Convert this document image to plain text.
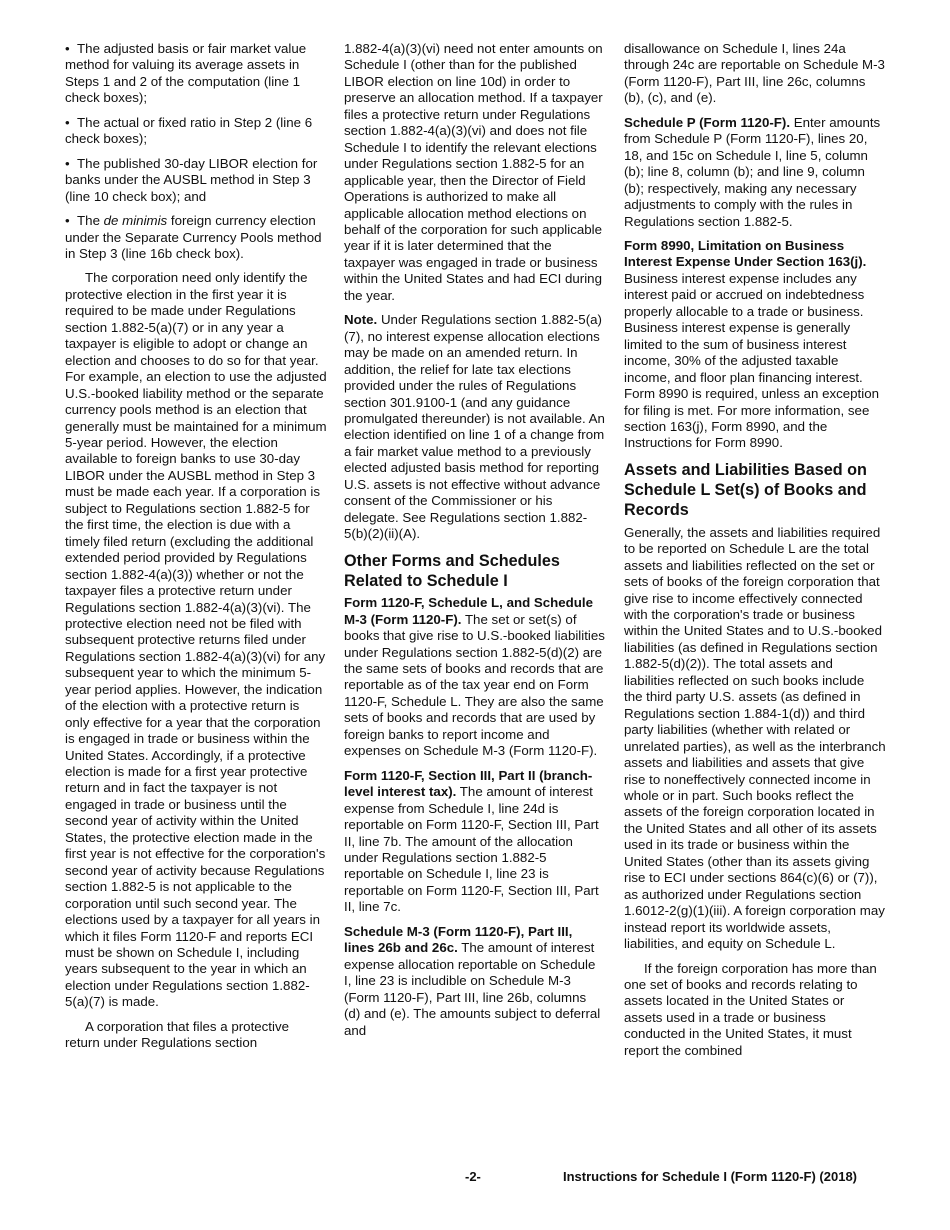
•  The adjusted basis or fair market value method for valuing its average assets in Steps 1 and 2 of the computation (line 1 check boxes);

•  The actual or fixed ratio in Step 2 (line 6 check boxes);

•  The published 30-day LIBOR election for banks under the AUSBL method in Step 3 (line 10 check box); and

•  The de minimis foreign currency election under the Separate Currency Pools method in Step 3 (line 16b check box).

The corporation need only identify the protective election in the first year it is required to be made under Regulations section 1.882-5(a)(7) or in any year a taxpayer is eligible to adopt or change an election and chooses to do so for that year. For example, an election to use the adjusted U.S.-booked liability method or the separate currency pools method is an election that generally must be maintained for a minimum 5-year period. However, the election available to foreign banks to use 30-day LIBOR under the AUSBL method in Step 3 must be made each year. If a corporation is subject to Regulations section 1.882-5 for the first time, the election is due with a timely filed return (excluding the additional extended period provided by Regulations section 1.882-4(a)(3)) whether or not the taxpayer files a protective return under Regulations section 1.882-4(a)(3)(vi). The protective election need not be filed with subsequent protective returns filed under Regulations section 1.882-4(a)(3)(vi) for any subsequent year to which the minimum 5-year period applies. However, the indication of the election with a protective return is only effective for a year that the corporation is engaged in trade or business within the United States. Accordingly, if a protective election is made for a first year protective return and in fact the taxpayer is not engaged in trade or business until the second year of activity within the United States, the protective election made in the first year is not effective for the corporation's second year of activity because Regulations section 1.882-5 is not applicable to the corporation until such second year. The elections used by a taxpayer for all years in which it files Form 1120-F and reports ECI must be shown on Schedule I, including years subsequent to the year in which an election under Regulations section 1.882-5(a)(7) is made.

A corporation that files a protective return under Regulations section

1.882-4(a)(3)(vi) need not enter amounts on Schedule I (other than for the published LIBOR election on line 10d) in order to preserve an allocation method. If a taxpayer files a protective return under Regulations section 1.882-4(a)(3)(vi) and does not file Schedule I to identify the relevant elections under Regulations section 1.882-5 for an applicable year, then the Director of Field Operations is authorized to make all applicable allocation method elections on behalf of the corporation for such applicable year if it is later determined that the taxpayer was engaged in trade or business within the United States and had ECI during the year.

Note. Under Regulations section 1.882-5(a)(7), no interest expense allocation elections may be made on an amended return. In addition, the relief for late tax elections provided under the rules of Regulations section 301.9100-1 (and any guidance promulgated thereunder) is not available. An election identified on line 1 of a change from a fair market value method to a previously elected adjusted basis method for reporting U.S. assets is not effective without advance consent of the Commissioner or his delegate. See Regulations section 1.882-5(b)(2)(ii)(A).

Other Forms and Schedules Related to Schedule I

Form 1120-F, Schedule L, and Schedule M-3 (Form 1120-F). The set or set(s) of books that give rise to U.S.-booked liabilities under Regulations section 1.882-5(d)(2) are the same sets of books and records that are reportable as of the tax year end on Form 1120-F, Schedule L. They are also the same sets of books and records that are used by foreign banks to report income and expenses on Schedule M-3 (Form 1120-F).

Form 1120-F, Section III, Part II (branch-level interest tax). The amount of interest expense from Schedule I, line 24d is reportable on Form 1120-F, Section III, Part II, line 7b. The amount of the allocation under Regulations section 1.882-5 reportable on Schedule I, line 23 is reportable on Form 1120-F, Section III, Part II, line 7c.

Schedule M-3 (Form 1120-F), Part III, lines 26b and 26c. The amount of interest expense allocation reportable on Schedule I, line 23 is includible on Schedule M-3 (Form 1120-F), Part III, line 26b, columns (d) and (e). The amounts subject to deferral and

disallowance on Schedule I, lines 24a through 24c are reportable on Schedule M-3 (Form 1120-F), Part III, line 26c, columns (b), (c), and (e).

Schedule P (Form 1120-F). Enter amounts from Schedule P (Form 1120-F), lines 20, 18, and 15c on Schedule I, line 5, column (b); line 8, column (b); and line 9, column (b); respectively, making any necessary adjustments to comply with the rules in Regulations section 1.882-5.

Form 8990, Limitation on Business Interest Expense Under Section 163(j). Business interest expense includes any interest paid or accrued on indebtedness properly allocable to a trade or business. Business interest expense is generally limited to the sum of business interest income, 30% of the adjusted taxable income, and floor plan financing interest. Form 8990 is required, unless an exception for filing is met. For more information, see section 163(j), Form 8990, and the Instructions for Form 8990.

Assets and Liabilities Based on Schedule L Set(s) of Books and Records

Generally, the assets and liabilities required to be reported on Schedule L are the total assets and liabilities reflected on the set or sets of books of the foreign corporation that give rise to income effectively connected with the corporation's trade or business within the United States and to U.S.-booked liabilities (as defined in Regulations section 1.882-5(d)(2)). The total assets and liabilities reflected on such books include the third party U.S. assets (as defined in Regulations section 1.884-1(d)) and third party liabilities (whether with related or unrelated parties), as well as the interbranch assets and liabilities and assets that give rise to noneffectively connected income in whole or in part. Such books reflect the assets of the foreign corporation located in the United States and all other of its assets used in its trade or business within the United States (other than its assets giving rise to ECI under sections 864(c)(6) or (7)), as authorized under Regulations section 1.6012-2(g)(1)(iii). A foreign corporation may instead report its worldwide assets, liabilities, and equity on Schedule L.

If the foreign corporation has more than one set of books and records relating to assets located in the United States or assets used in a trade or business conducted in the United States, it must report the combined

-2-	Instructions for Schedule I (Form 1120-F) (2018)
